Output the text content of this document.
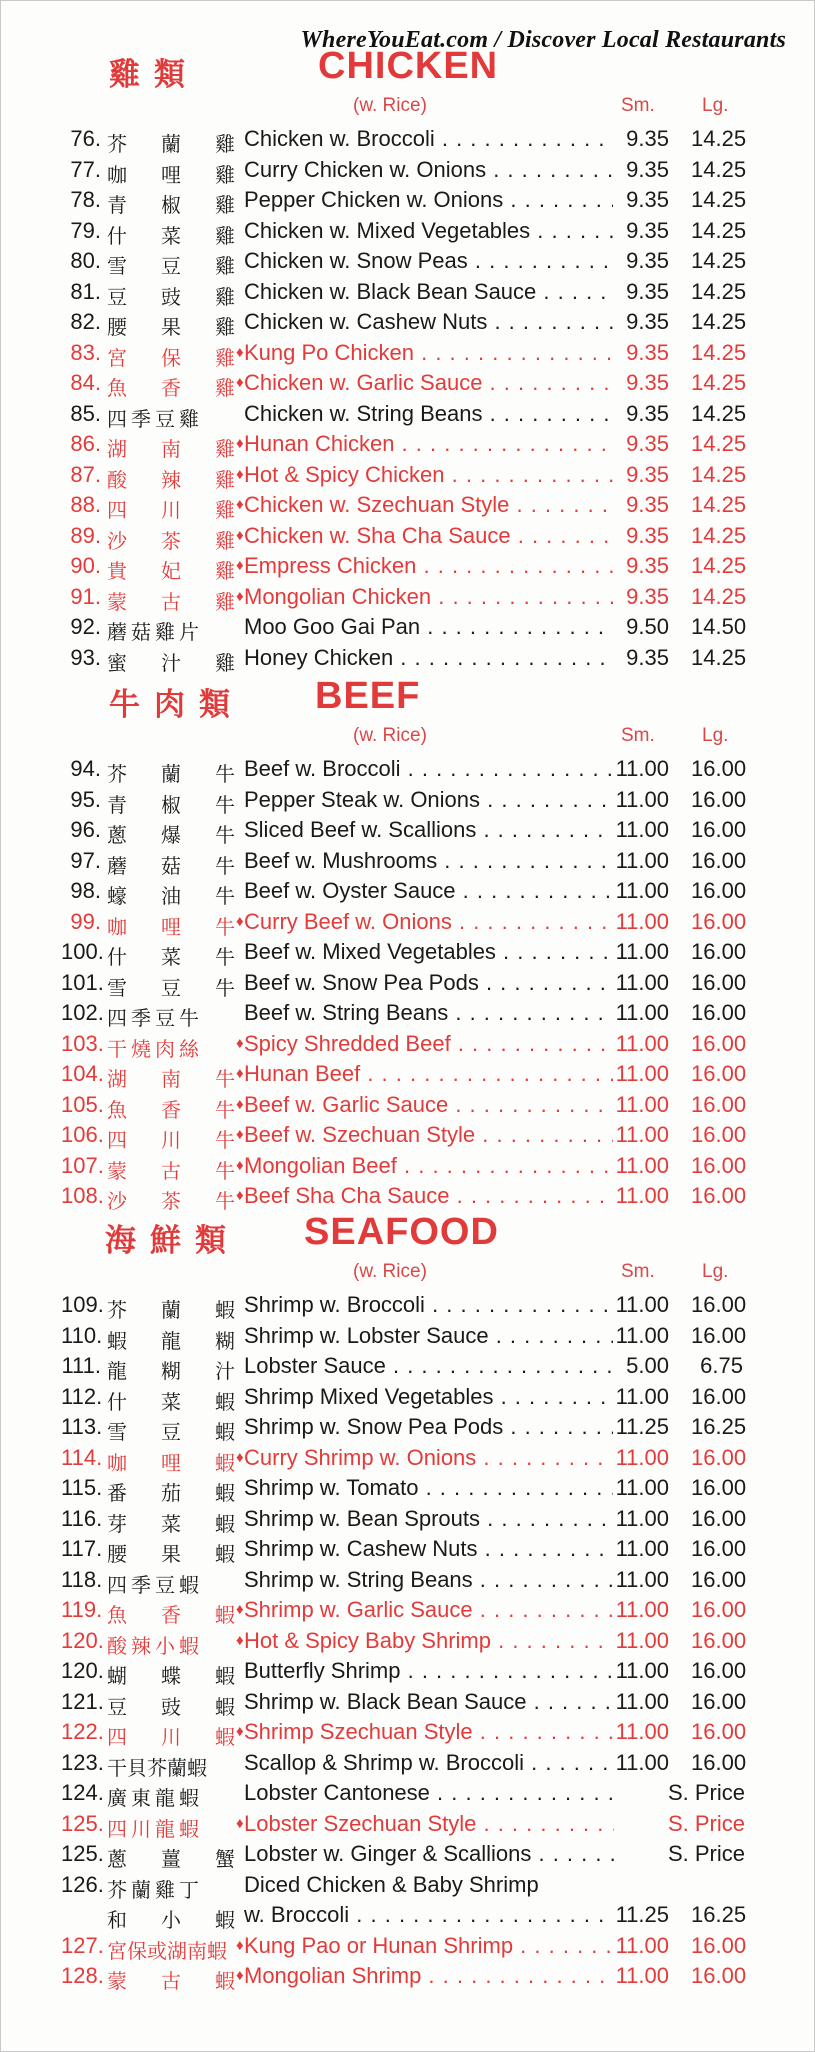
WhereYouEat.com / Discover Local Restaurants
雞類	CHICKEN
(w. Rice)	Sm. Lg.
76. 芥 蘭 雞 Chicken w. Broccoli . . .	9.35 14.25
77. 咖 哩 雞 Curry Chicken w. Onions . . .	9.35 14.25
78. 青 椒 雞 Pepper Chicken w. Onions . . .	9.35 14.25
79. 什 菜 雞 Chicken w. Mixed Vegetables . . .	9.35 14.25
80. 雪 豆 雞 Chicken w. Snow Peas . . .	9.35 14.25
81. 豆 豉 雞 Chicken w. Black Bean Sauce . . .	9.35 14.25
82. 腰 果 雞 Chicken w. Cashew Nuts . . .	9.35 14.25
83. 宮 保 雞 ♦ Kung Po Chicken . . .	9.35 14.25
84. 魚 香 雞 ♦ Chicken w. Garlic Sauce . . .	9.35 14.25
85. 四季豆雞	Chicken w. String Beans . . .	9.35 14.25
86. 湖 南 雞 ♦ Hunan Chicken . . .	9.35 14.25
87. 酸 辣 雞 ♦ Hot & Spicy Chicken . . .	9.35 14.25
88. 四 川 雞 ♦ Chicken w. Szechuan Style . . .	9.35 14.25
89. 沙 茶 雞 ♦ Chicken w. Sha Cha Sauce . . .	9.35 14.25
90. 貴 妃 雞 ♦ Empress Chicken . . .	9.35 14.25
91. 蒙 古 雞 ♦ Mongolian Chicken . . .	9.35 14.25
92. 蘑菇雞片	Moo Goo Gai Pan . . .	9.50 14.50
93. 蜜 汁 雞 Honey Chicken . . .	9.35 14.25
牛肉類 BEEF
(w. Rice)	Sm. Lg.
94. 芥 蘭 牛 Beef w. Broccoli . . .	11.00 16.00
95. 青 椒 牛 Pepper Steak w. Onions . . .	11.00 16.00
96. 蔥 爆 牛 Sliced Beef w. Scallions . . .	11.00 16.00
97. 蘑 菇 牛 Beef w. Mushrooms . . .	11.00 16.00
98. 蠔 油 牛 Beef w. Oyster Sauce . . .	11.00 16.00
99. 咖 哩 牛 ♦ Curry Beef w. Onions . . .	11.00 16.00
100. 什 菜 牛 Beef w. Mixed Vegetables . . .	11.00 16.00
101. 雪 豆 牛 Beef w. Snow Pea Pods . . .	11.00 16.00
102. 四季豆牛	Beef w. String Beans . . .	11.00 16.00
103. 干燒肉絲	♦ Spicy Shredded Beef . . .	11.00 16.00
104. 湖 南 牛 ♦ Hunan Beef . . .	11.00 16.00
105. 魚 香 牛 ♦ Beef w. Garlic Sauce . . .	11.00 16.00
106. 四 川 牛 ♦ Beef w. Szechuan Style . . .	11.00 16.00
107. 蒙 古 牛 ♦ Mongolian Beef . . .	11.00 16.00
108. 沙 茶 牛 ♦ Beef Sha Cha Sauce . . .	11.00 16.00
海鮮類 SEAFOOD
(w. Rice)	Sm. Lg.
109. 芥 蘭 蝦 Shrimp w. Broccoli . . .	11.00 16.00
110. 蝦 龍 糊 Shrimp w. Lobster Sauce . . .	11.00 16.00
111. 龍 糊 汁 Lobster Sauce . . .	5.00	6.75
112. 什 菜 蝦 Shrimp Mixed Vegetables . . .	11.00 16.00
113. 雪 豆 蝦 Shrimp w. Snow Pea Pods . . .	11.25 16.25
114. 咖 哩 蝦 ♦ Curry Shrimp w. Onions . . .	11.00 16.00
115. 番 茄 蝦 Shrimp w. Tomato . . .	11.00 16.00
116. 芽 菜 蝦 Shrimp w. Bean Sprouts . . .	11.00 16.00
117. 腰 果 蝦 Shrimp w. Cashew Nuts . . .	11.00 16.00
118. 四季豆蝦	Shrimp w. String Beans . . .	11.00 16.00
119. 魚 香 蝦 ♦ Shrimp w. Garlic Sauce . . .	11.00 16.00
120. 酸辣小蝦	♦ Hot & Spicy Baby Shrimp . . .	11.00 16.00
120. 蝴 蝶 蝦 Butterfly Shrimp . . .	11.00 16.00
121. 豆 豉 蝦 Shrimp w. Black Bean Sauce . . .	11.00 16.00
122. 四 川 蝦 ♦ Shrimp Szechuan Style . . .	11.00 16.00
123. 干貝芥蘭蝦	Scallop & Shrimp w. Broccoli . . .	11.00 16.00
124. 廣東龍蝦	Lobster Cantonese . . .	S. Price
125. 四川龍蝦	♦ Lobster Szechuan Style . . .	S. Price
125. 蔥 薑 蟹 Lobster w. Ginger & Scallions . . .	S. Price
126. 芥蘭雞丁	Diced Chicken & Baby Shrimp
和 小 蝦 w. Broccoli . . .	11.25 16.25
127. 宮保或湖南蝦 ♦ Kung Pao or Hunan Shrimp . . .	11.00 16.00
128. 蒙 古 蝦 ♦ Mongolian Shrimp . . .	11.00 16.00
